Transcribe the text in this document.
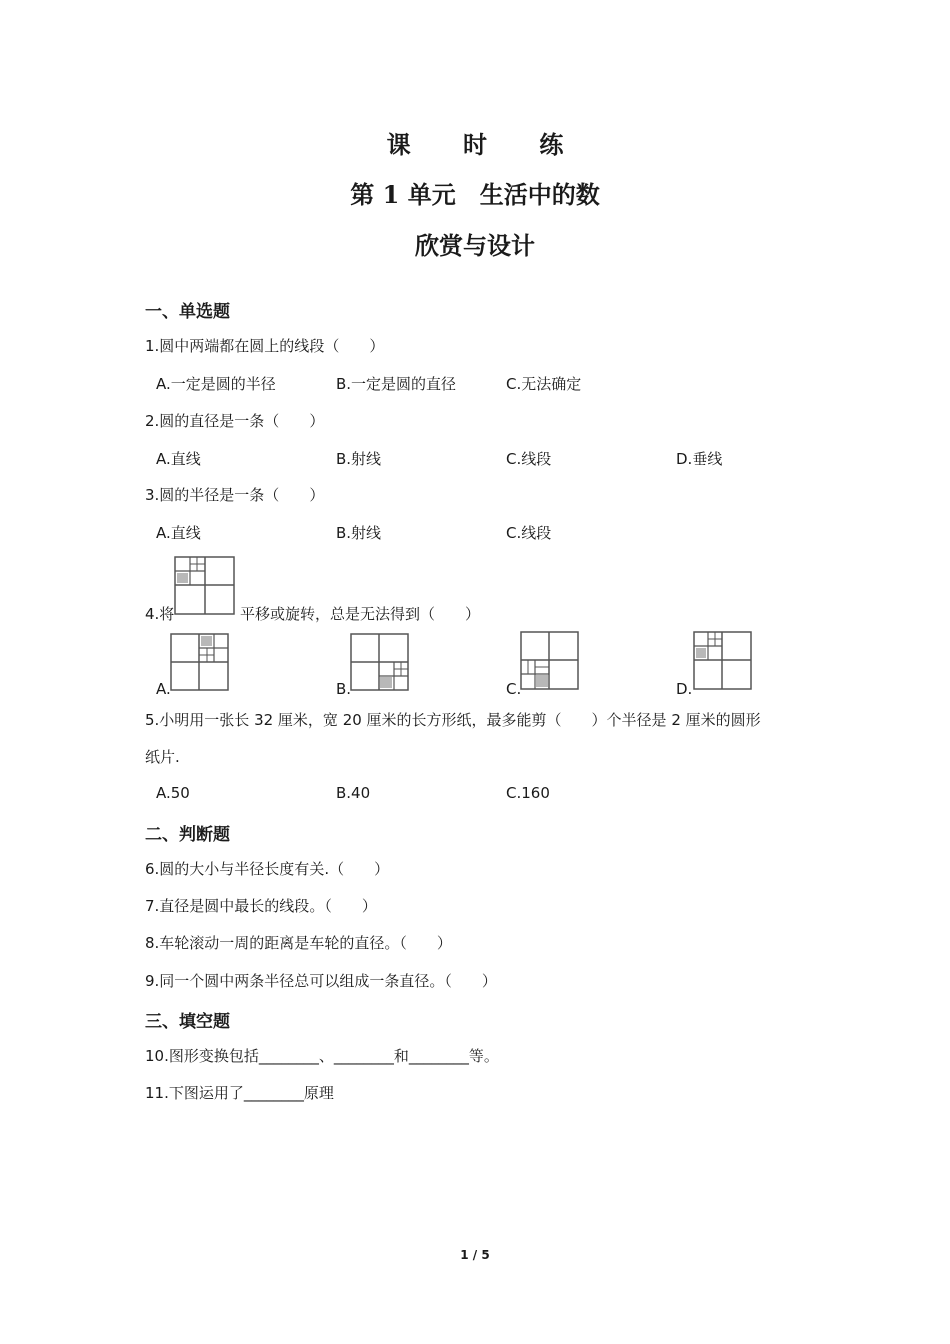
课 时 练
第 1 单元　生活中的数
欣赏与设计
一、单选题
1.圆中两端都在圆上的线段（　　）
A.一定是圆的半径	B.一定是圆的直径	C.无法确定
2.圆的直径是一条（　　）
A.直线	B.射线	C.线段	D.垂线
3.圆的半径是一条（　　）
A.直线	B.射线	C.线段
4.将	平移或旋转，总是无法得到（　　）
A.	B.	C.	D.
5.小明用一张长 32 厘米，宽 20 厘米的长方形纸，最多能剪（　　）个半径是 2 厘米的圆形
纸片.
A.50	B.40	C.160
二、判断题
6.圆的大小与半径长度有关.（　　）
7.直径是圆中最长的线段。（　　）
8.车轮滚动一周的距离是车轮的直径。（　　）
9.同一个圆中两条半径总可以组成一条直径。（　　）
三、填空题
10.图形变换包括________、________和________等。
11.下图运用了________原理
1 / 5
